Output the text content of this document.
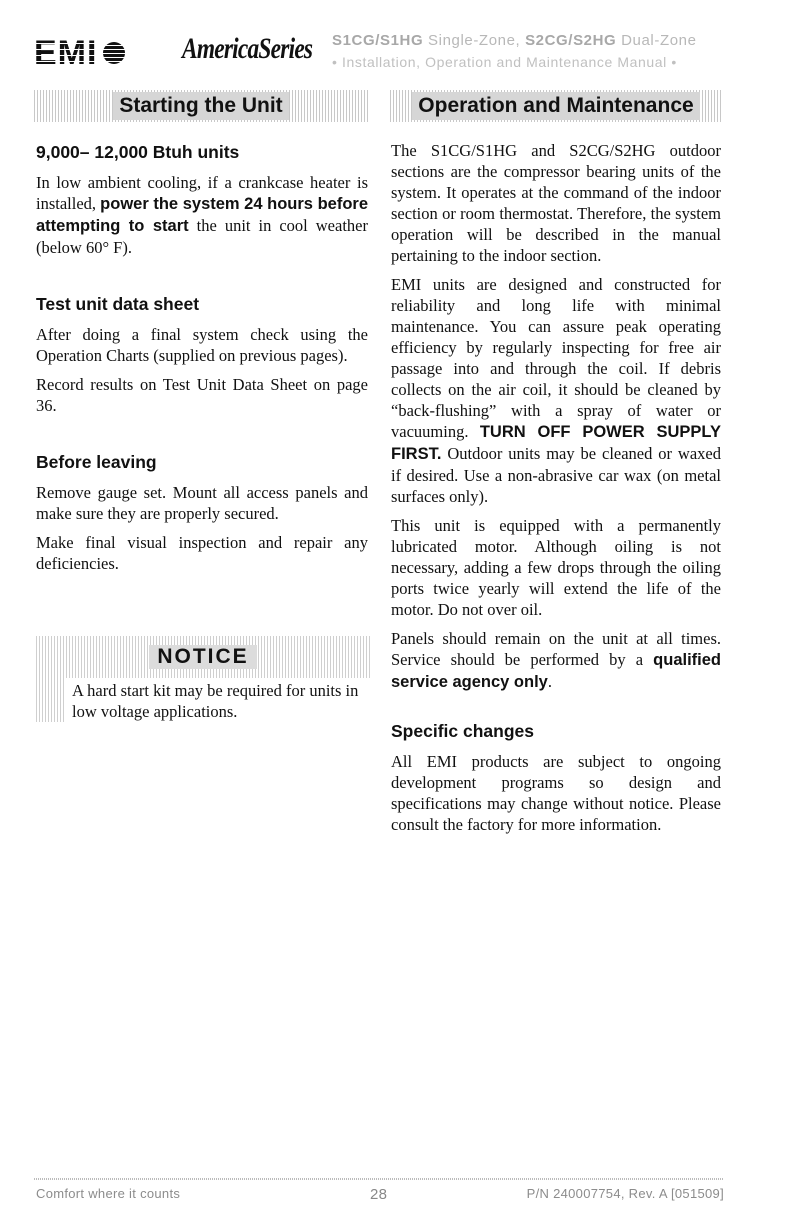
EMI	AmericaSeries S1CG/S1HG Single-Zone, S2CG/S2HG Dual-Zone
• Installation, Operation and Maintenance Manual •
Starting the Unit	Operation and Maintenance
9,000– 12,000 Btuh units

In low ambient cooling, if a crankcase heater is installed, power the system 24 hours before attempting to start the unit in cool weather (below 60° F).

Test unit data sheet

After doing a final system check using the Operation Charts (supplied on previous pages).

Record results on Test Unit Data Sheet on page 36.

Before leaving

Remove gauge set. Mount all access panels and make sure they are properly secured.

Make final visual inspection and repair any deficiencies.

NOTICE
A hard start kit may be required for units in low voltage applications.

The S1CG/S1HG and S2CG/S2HG outdoor sections are the compressor bearing units of the system. It operates at the command of the indoor section or room thermostat. Therefore, the system operation will be described in the manual pertaining to the indoor section.

EMI units are designed and constructed for reliability and long life with minimal maintenance. You can assure peak operating efficiency by regularly inspecting for free air passage into and through the coil. If debris collects on the air coil, it should be cleaned by “back-flushing” with a spray of water or vacuuming. TURN OFF POWER SUPPLY FIRST. Outdoor units may be cleaned or waxed if desired. Use a non-abrasive car wax (on metal surfaces only).

This unit is equipped with a permanently lubricated motor. Although oiling is not necessary, adding a few drops through the oiling ports twice yearly will extend the life of the motor. Do not over oil.

Panels should remain on the unit at all times. Service should be performed by a qualified service agency only.

Specific changes

All EMI products are subject to ongoing development programs so design and specifications may change without notice. Please consult the factory for more information.

Comfort where it counts	28	P/N 240007754, Rev. A [051509]
